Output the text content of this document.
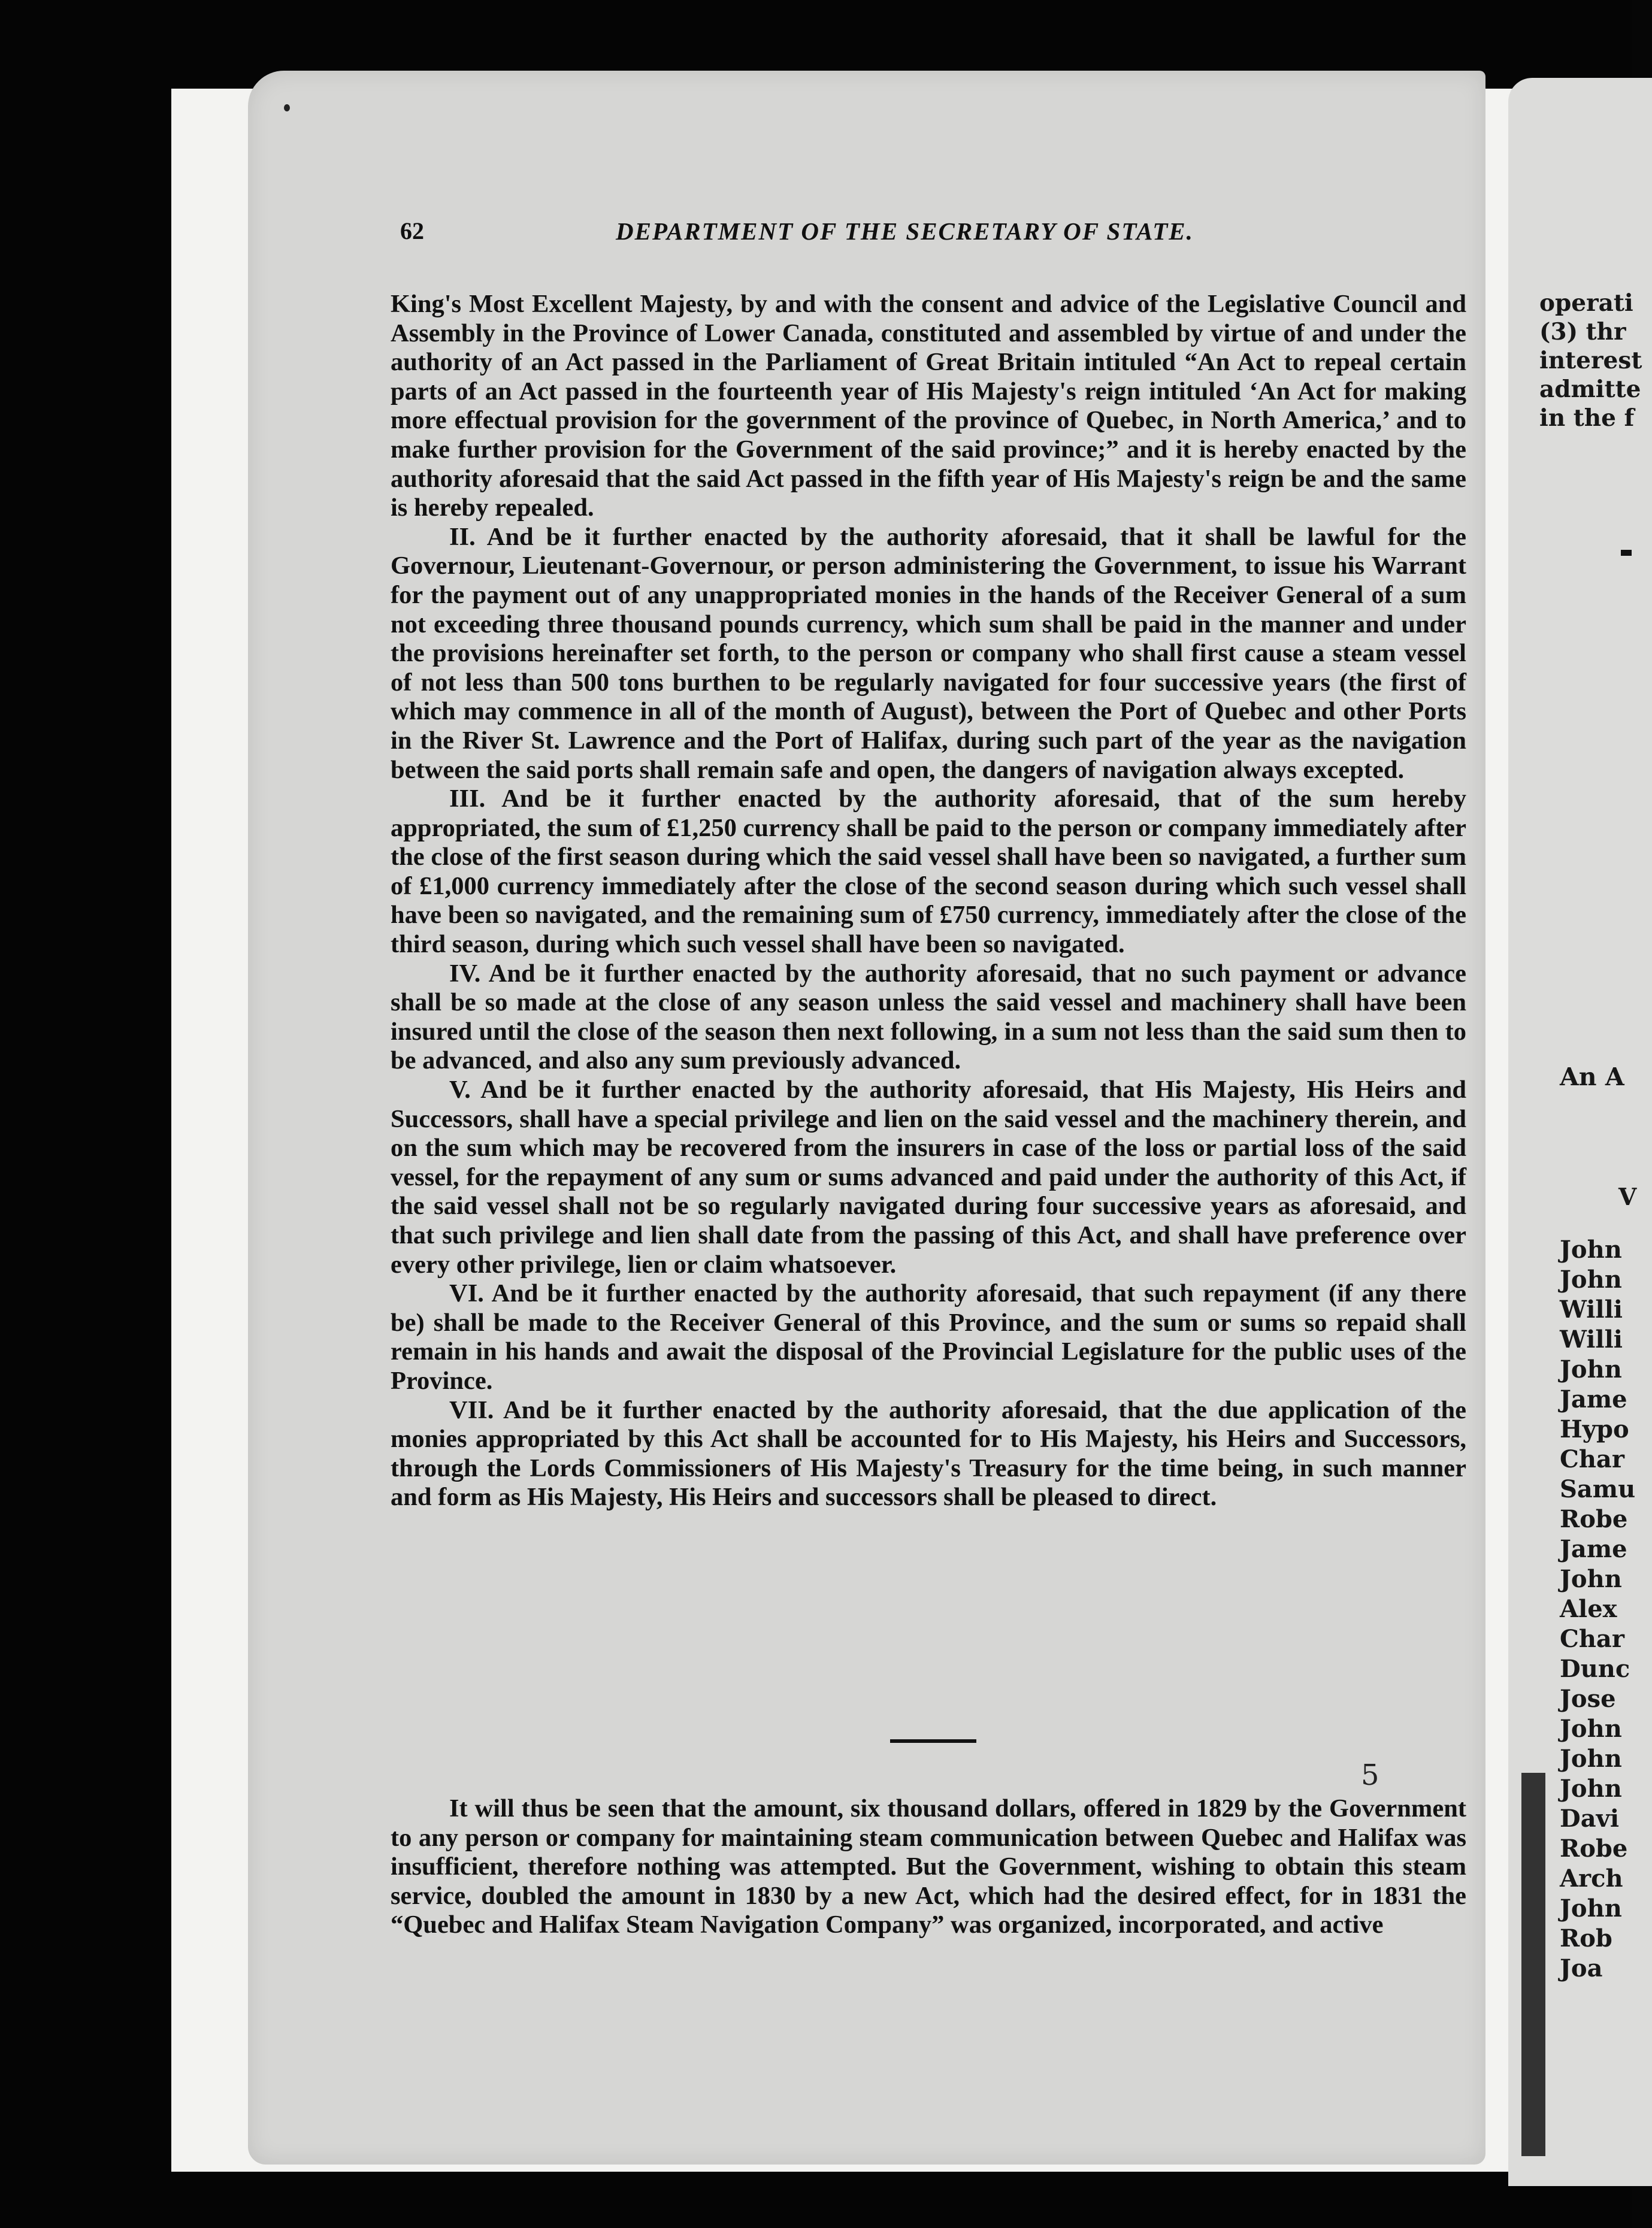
operati
(3) thr
interest
admitte
in the f
An A
V
John
John
Willi
Willi
John
Jame
Hypo
Char
Samu
Robe
Jame
John
Alex
Char
Dunc
Jose
John
John
John
Davi
Robe
Arch
John
Rob
Joa
62	DEPARTMENT OF THE SECRETARY OF STATE.

King's Most Excellent Majesty, by and with the consent and advice of the Legislative Council and Assembly in the Province of Lower Canada, constituted and assembled by virtue of and under the authority of an Act passed in the Parliament of Great Britain intituled “An Act to repeal certain parts of an Act passed in the fourteenth year of His Majesty's reign intituled ‘An Act for making more effectual provision for the government of the province of Quebec, in North America,’ and to make further provision for the Government of the said province;” and it is hereby enacted by the authority aforesaid that the said Act passed in the fifth year of His Majesty's reign be and the same is hereby repealed.

II. And be it further enacted by the authority aforesaid, that it shall be lawful for the Governour, Lieutenant-Governour, or person administering the Government, to issue his Warrant for the payment out of any unappropriated monies in the hands of the Receiver General of a sum not exceeding three thousand pounds currency, which sum shall be paid in the manner and under the provisions hereinafter set forth, to the person or company who shall first cause a steam vessel of not less than 500 tons burthen to be regularly navigated for four successive years (the first of which may commence in all of the month of August), between the Port of Quebec and other Ports in the River St. Lawrence and the Port of Halifax, during such part of the year as the navigation between the said ports shall remain safe and open, the dangers of navigation always excepted.

III. And be it further enacted by the authority aforesaid, that of the sum hereby appropriated, the sum of £1,250 currency shall be paid to the person or company immediately after the close of the first season during which the said vessel shall have been so navigated, a further sum of £1,000 currency immediately after the close of the second season during which such vessel shall have been so navigated, and the remaining sum of £750 currency, immediately after the close of the third season, during which such vessel shall have been so navigated.

IV. And be it further enacted by the authority aforesaid, that no such payment or advance shall be so made at the close of any season unless the said vessel and machinery shall have been insured until the close of the season then next following, in a sum not less than the said sum then to be advanced, and also any sum previously advanced.

V. And be it further enacted by the authority aforesaid, that His Majesty, His Heirs and Successors, shall have a special privilege and lien on the said vessel and the machinery therein, and on the sum which may be recovered from the insurers in case of the loss or partial loss of the said vessel, for the repayment of any sum or sums advanced and paid under the authority of this Act, if the said vessel shall not be so regularly navigated during four successive years as aforesaid, and that such privilege and lien shall date from the passing of this Act, and shall have preference over every other privilege, lien or claim whatsoever.

VI. And be it further enacted by the authority aforesaid, that such repayment (if any there be) shall be made to the Receiver General of this Province, and the sum or sums so repaid shall remain in his hands and await the disposal of the Provincial Legislature for the public uses of the Province.

VII. And be it further enacted by the authority aforesaid, that the due application of the monies appropriated by this Act shall be accounted for to His Majesty, his Heirs and Successors, through the Lords Commissioners of His Majesty's Treasury for the time being, in such manner and form as His Majesty, His Heirs and successors shall be pleased to direct.

It will thus be seen that the amount, six thousand dollars, offered in 1829 by the Government to any person or company for maintaining steam communication between Quebec and Halifax was insufficient, therefore nothing was attempted. But the Government, wishing to obtain this steam service, doubled the amount in 1830 by a new Act, which had the desired effect, for in 1831 the “Quebec and Halifax Steam Navigation Company” was organized, incorporated, and active

5
